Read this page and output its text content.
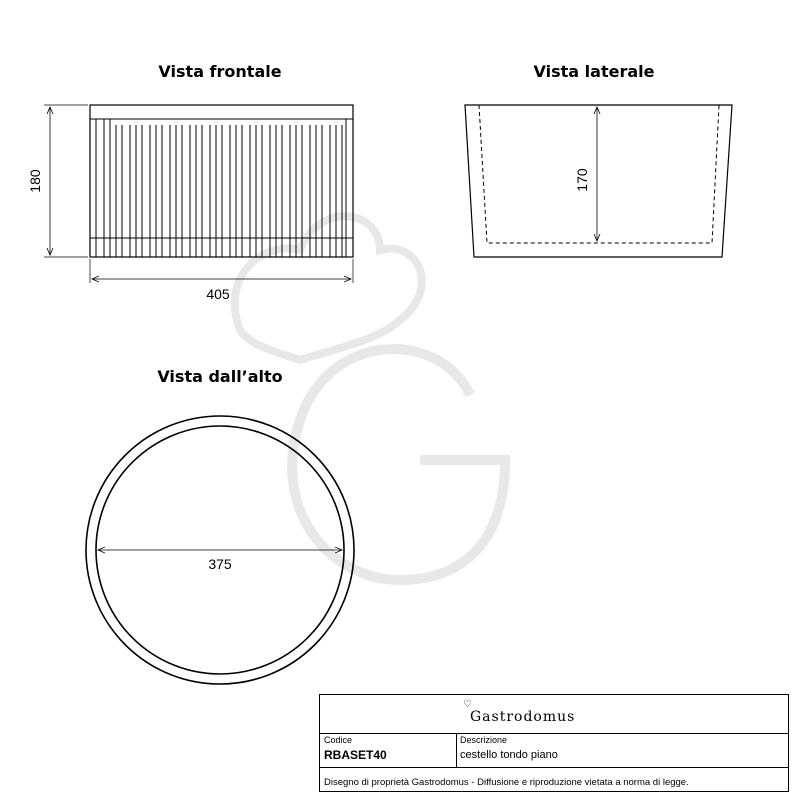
Vista frontale	Vista laterale
Vista dall’alto
180
405
170
375
♡
Gastrodomus
Codice
RBASET40
Descrizione
cestello tondo piano
Disegno di proprietà Gastrodomus - Diffusione e riproduzione vietata a norma di legge.
